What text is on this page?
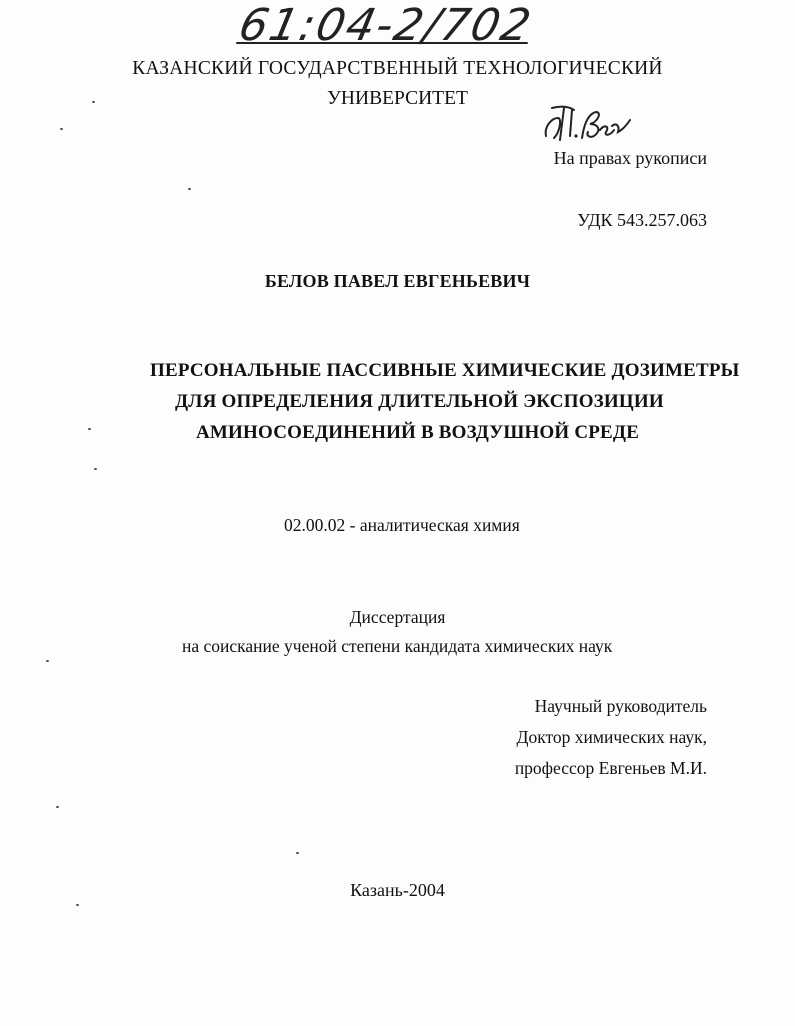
61:04-2/702
КАЗАНСКИЙ ГОСУДАРСТВЕННЫЙ ТЕХНОЛОГИЧЕСКИЙ
УНИВЕРСИТЕТ
На правах рукописи
УДК 543.257.063
БЕЛОВ ПАВЕЛ ЕВГЕНЬЕВИЧ
ПЕРСОНАЛЬНЫЕ ПАССИВНЫЕ ХИМИЧЕСКИЕ ДОЗИМЕТРЫ
ДЛЯ ОПРЕДЕЛЕНИЯ ДЛИТЕЛЬНОЙ ЭКСПОЗИЦИИ
АМИНОСОЕДИНЕНИЙ В ВОЗДУШНОЙ СРЕДЕ
02.00.02 - аналитическая химия
Диссертация
на соискание ученой степени кандидата химических наук
Научный руководитель
Доктор химических наук,
профессор Евгеньев М.И.
Казань-2004
